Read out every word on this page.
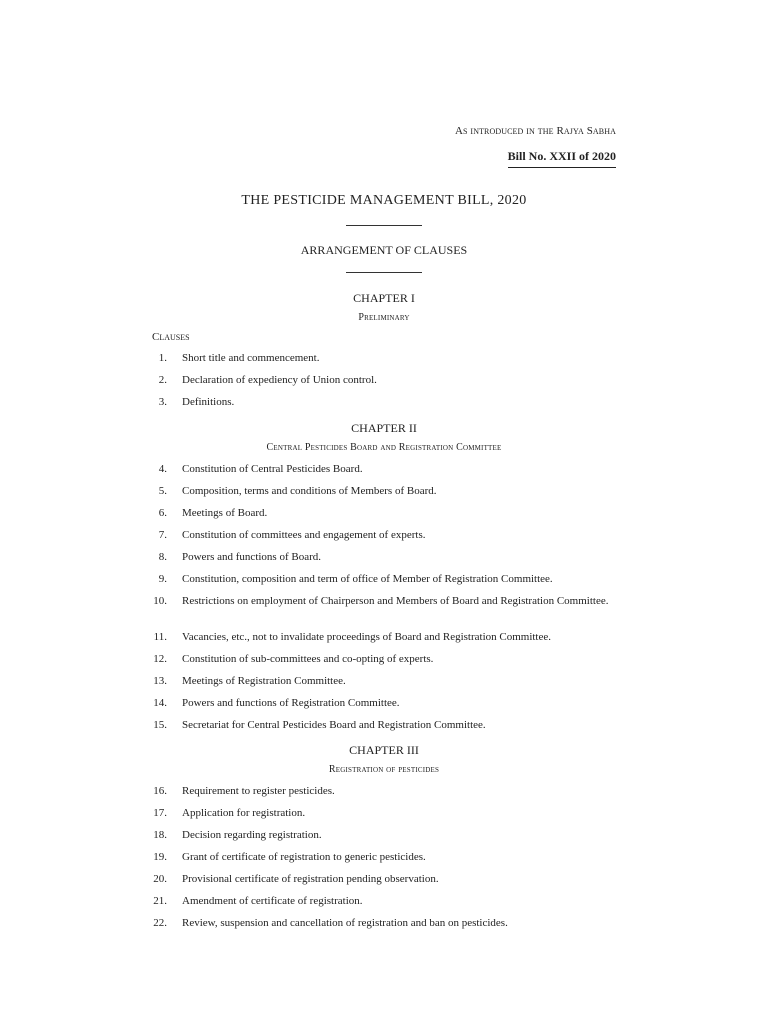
As introduced in the Rajya Sabha
Bill No. XXII of 2020
THE PESTICIDE MANAGEMENT BILL, 2020
ARRANGEMENT OF CLAUSES
CHAPTER I
Preliminary
Clauses
1. Short title and commencement.
2. Declaration of expediency of Union control.
3. Definitions.
CHAPTER II
Central Pesticides Board and Registration Committee
4. Constitution of Central Pesticides Board.
5. Composition, terms and conditions of Members of Board.
6. Meetings of Board.
7. Constitution of committees and engagement of experts.
8. Powers and functions of Board.
9. Constitution, composition and term of office of Member of Registration Committee.
10. Restrictions on employment of Chairperson and Members of Board and Registration Committee.
11. Vacancies, etc., not to invalidate proceedings of Board and Registration Committee.
12. Constitution of sub-committees and co-opting of experts.
13. Meetings of Registration Committee.
14. Powers and functions of Registration Committee.
15. Secretariat for Central Pesticides Board and Registration Committee.
CHAPTER III
Registration of pesticides
16. Requirement to register pesticides.
17. Application for registration.
18. Decision regarding registration.
19. Grant of certificate of registration to generic pesticides.
20. Provisional certificate of registration pending observation.
21. Amendment of certificate of registration.
22. Review, suspension and cancellation of registration and ban on pesticides.
